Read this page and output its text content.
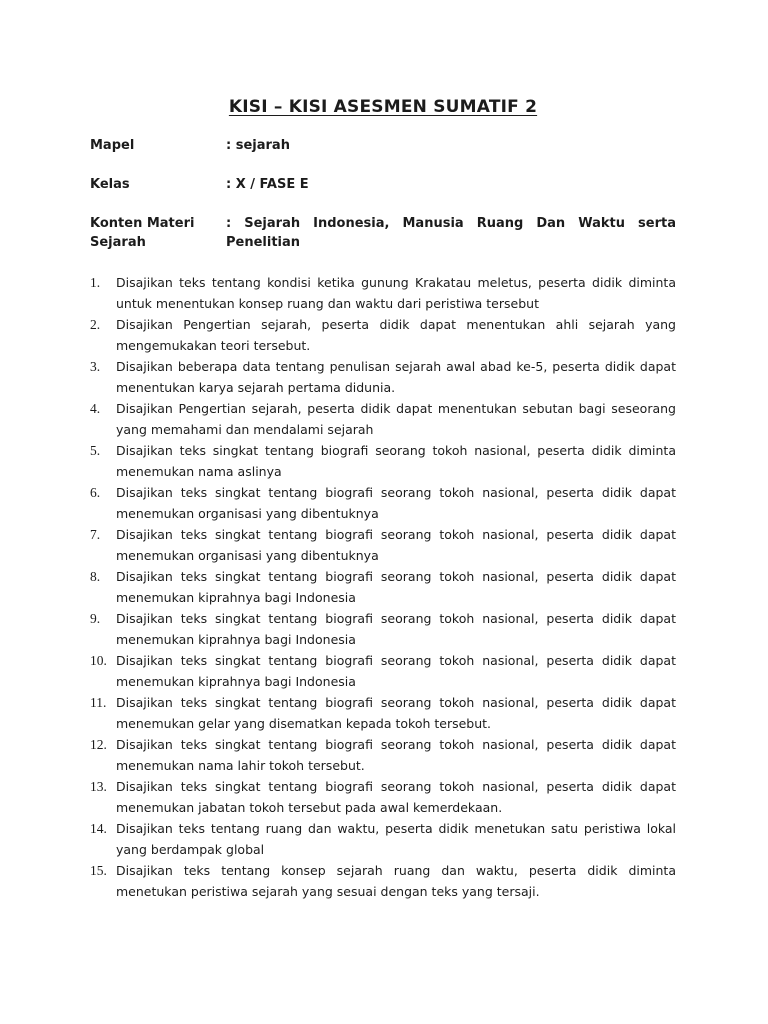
KISI – KISI ASESMEN SUMATIF 2
Mapel	: sejarah
Kelas	: X / FASE E
Konten Materi Sejarah
: Sejarah Indonesia, Manusia Ruang Dan Waktu serta Penelitian
1.	Disajikan teks tentang kondisi ketika gunung Krakatau meletus, peserta didik diminta untuk menentukan konsep ruang dan waktu dari peristiwa tersebut
2.	Disajikan Pengertian sejarah, peserta didik dapat menentukan ahli sejarah yang mengemukakan teori tersebut.
3.	Disajikan beberapa data tentang penulisan sejarah awal abad ke-5, peserta didik dapat menentukan karya sejarah pertama didunia.
4.	Disajikan Pengertian sejarah, peserta didik dapat menentukan sebutan bagi seseorang yang memahami dan mendalami sejarah
5.	Disajikan teks singkat tentang biografi seorang tokoh nasional, peserta didik diminta menemukan nama aslinya
6.	Disajikan teks singkat tentang biografi seorang tokoh nasional, peserta didik dapat menemukan organisasi yang dibentuknya
7.	Disajikan teks singkat tentang biografi seorang tokoh nasional, peserta didik dapat menemukan organisasi yang dibentuknya
8.	Disajikan teks singkat tentang biografi seorang tokoh nasional, peserta didik dapat menemukan kiprahnya bagi Indonesia
9.	Disajikan teks singkat tentang biografi seorang tokoh nasional, peserta didik dapat menemukan kiprahnya bagi Indonesia
10. Disajikan teks singkat tentang biografi seorang tokoh nasional, peserta didik dapat menemukan kiprahnya bagi Indonesia
11. Disajikan teks singkat tentang biografi seorang tokoh nasional, peserta didik dapat menemukan gelar yang disematkan kepada tokoh tersebut.
12. Disajikan teks singkat tentang biografi seorang tokoh nasional, peserta didik dapat menemukan nama lahir tokoh tersebut.
13. Disajikan teks singkat tentang biografi seorang tokoh nasional, peserta didik dapat menemukan jabatan tokoh tersebut pada awal kemerdekaan.
14. Disajikan teks tentang ruang dan waktu, peserta didik menetukan satu peristiwa lokal yang berdampak global
15. Disajikan teks tentang konsep sejarah ruang dan waktu, peserta didik diminta menetukan peristiwa sejarah yang sesuai dengan teks yang tersaji.
